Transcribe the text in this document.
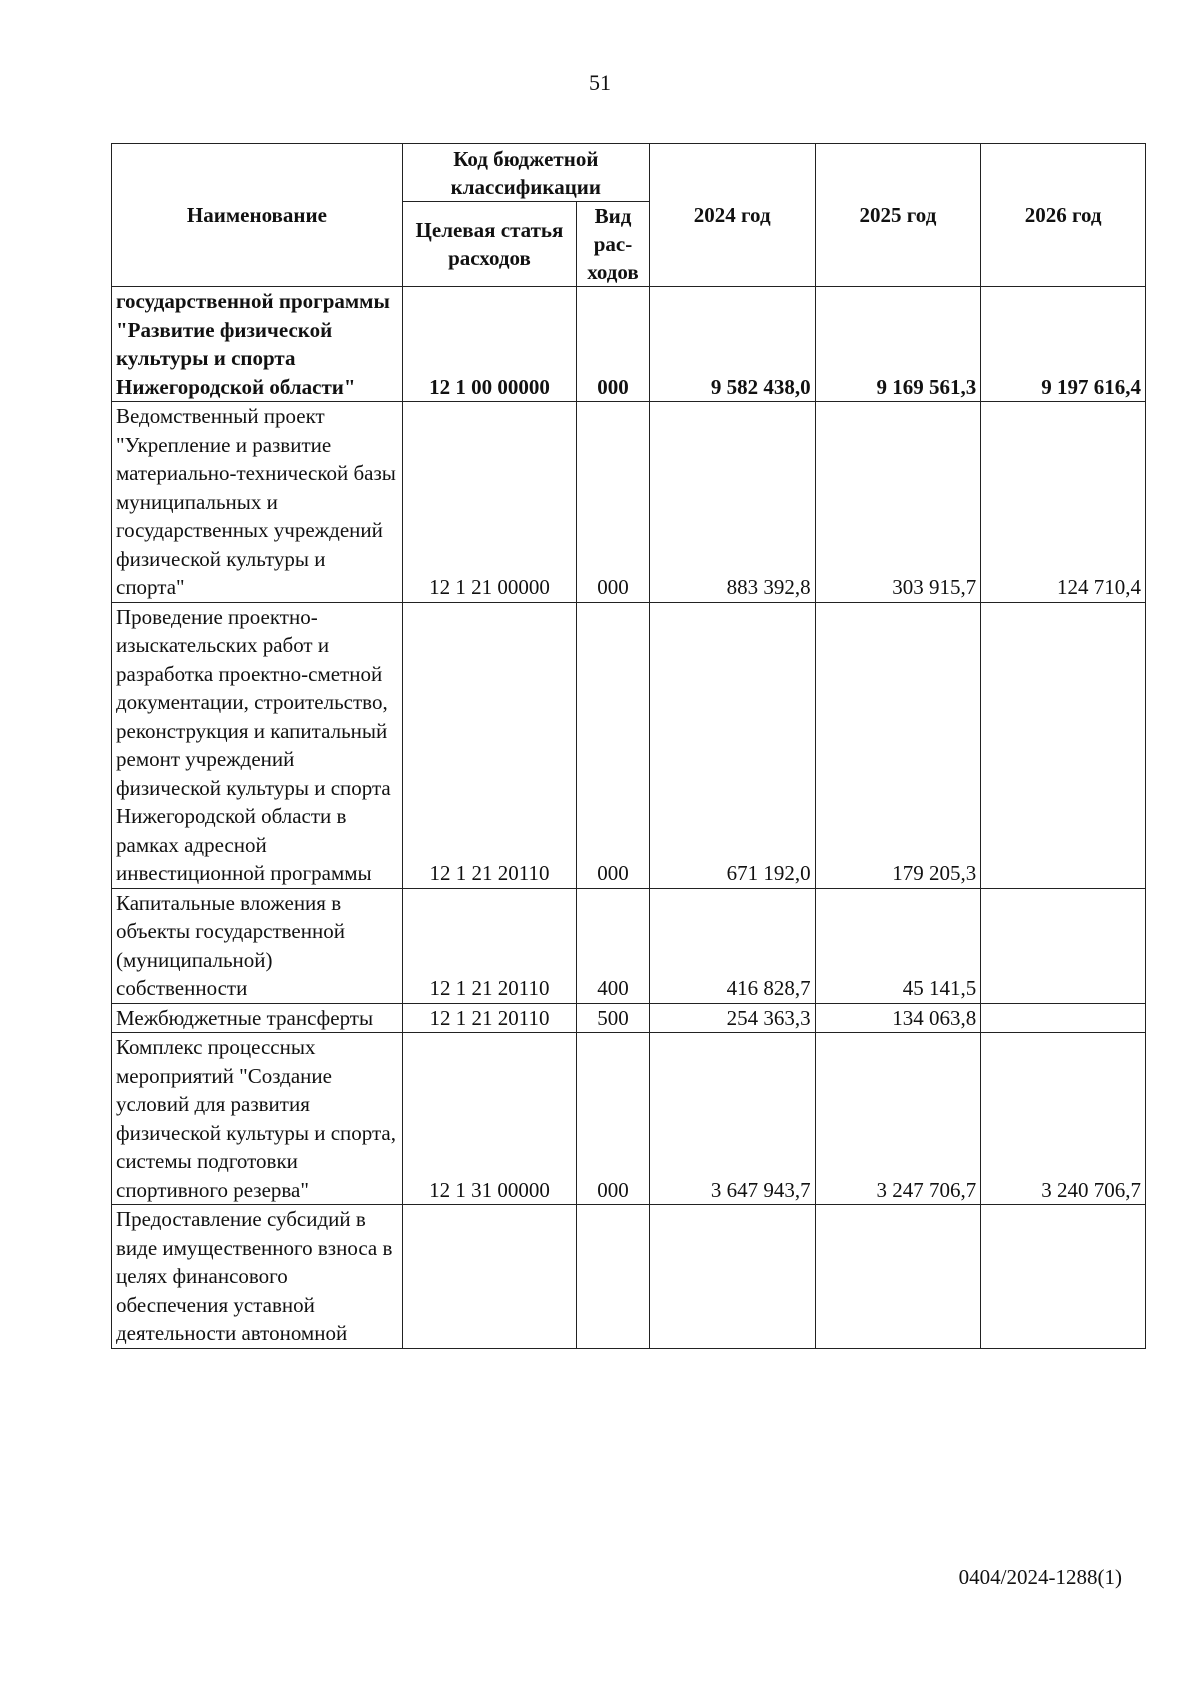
51
Наименование	Код бюджетной классификации		2024 год	2025 год	2026 год
	Целевая статья расходов	Вид рас- ходов			
государственной программы "Развитие физической культуры и спорта Нижегородской области"	12 1 00 00000	000	9 582 438,0	9 169 561,3	9 197 616,4
Ведомственный проект "Укрепление и развитие материально-технической базы муниципальных и государственных учреждений физической культуры и спорта"	12 1 21 00000	000	883 392,8	303 915,7	124 710,4
Проведение проектно-изыскательских работ и разработка проектно-сметной документации, строительство, реконструкция и капитальный ремонт учреждений физической культуры и спорта Нижегородской области в рамках адресной инвестиционной программы	12 1 21 20110	000	671 192,0	179 205,3	
Капитальные вложения в объекты государственной (муниципальной) собственности	12 1 21 20110	400	416 828,7	45 141,5	
Межбюджетные трансферты	12 1 21 20110	500	254 363,3	134 063,8	
Комплекс процессных мероприятий "Создание условий для развития физической культуры и спорта, системы подготовки спортивного резерва"	12 1 31 00000	000	3 647 943,7	3 247 706,7	3 240 706,7
Предоставление субсидий в виде имущественного взноса в целях финансового обеспечения уставной деятельности автономной					
0404/2024-1288(1)
